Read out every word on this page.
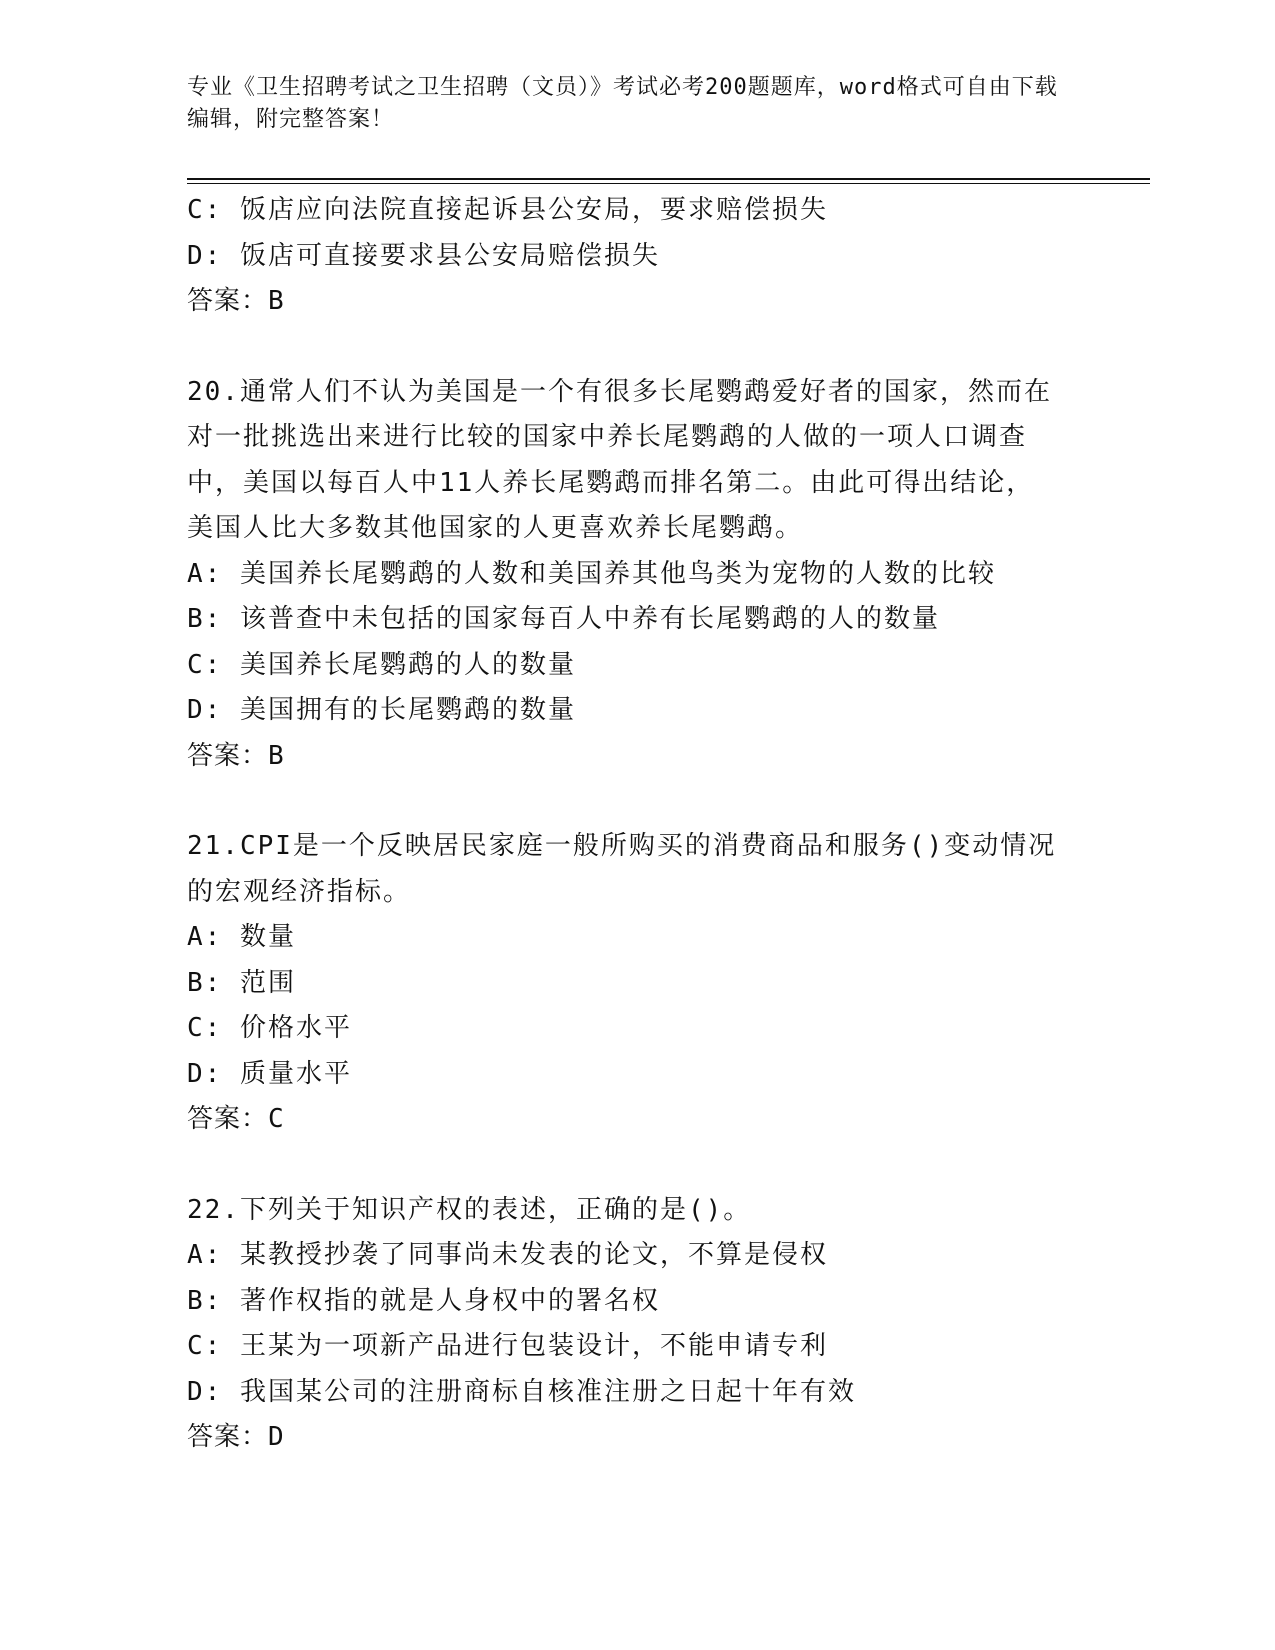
专业《卫生招聘考试之卫生招聘（文员）》考试必考200题题库，word格式可自由下载编辑，附完整答案！
C: 饭店应向法院直接起诉县公安局，要求赔偿损失
D: 饭店可直接要求县公安局赔偿损失
答案：B
20.通常人们不认为美国是一个有很多长尾鹦鹉爱好者的国家，然而在
对一批挑选出来进行比较的国家中养长尾鹦鹉的人做的一项人口调查
中，美国以每百人中11人养长尾鹦鹉而排名第二。由此可得出结论，
美国人比大多数其他国家的人更喜欢养长尾鹦鹉。
A: 美国养长尾鹦鹉的人数和美国养其他鸟类为宠物的人数的比较
B: 该普查中未包括的国家每百人中养有长尾鹦鹉的人的数量
C: 美国养长尾鹦鹉的人的数量
D: 美国拥有的长尾鹦鹉的数量
答案：B
21.CPI是一个反映居民家庭一般所购买的消费商品和服务()变动情况
的宏观经济指标。
A: 数量
B: 范围
C: 价格水平
D: 质量水平
答案：C
22.下列关于知识产权的表述，正确的是()。
A: 某教授抄袭了同事尚未发表的论文，不算是侵权
B: 著作权指的就是人身权中的署名权
C: 王某为一项新产品进行包装设计，不能申请专利
D: 我国某公司的注册商标自核准注册之日起十年有效
答案：D
